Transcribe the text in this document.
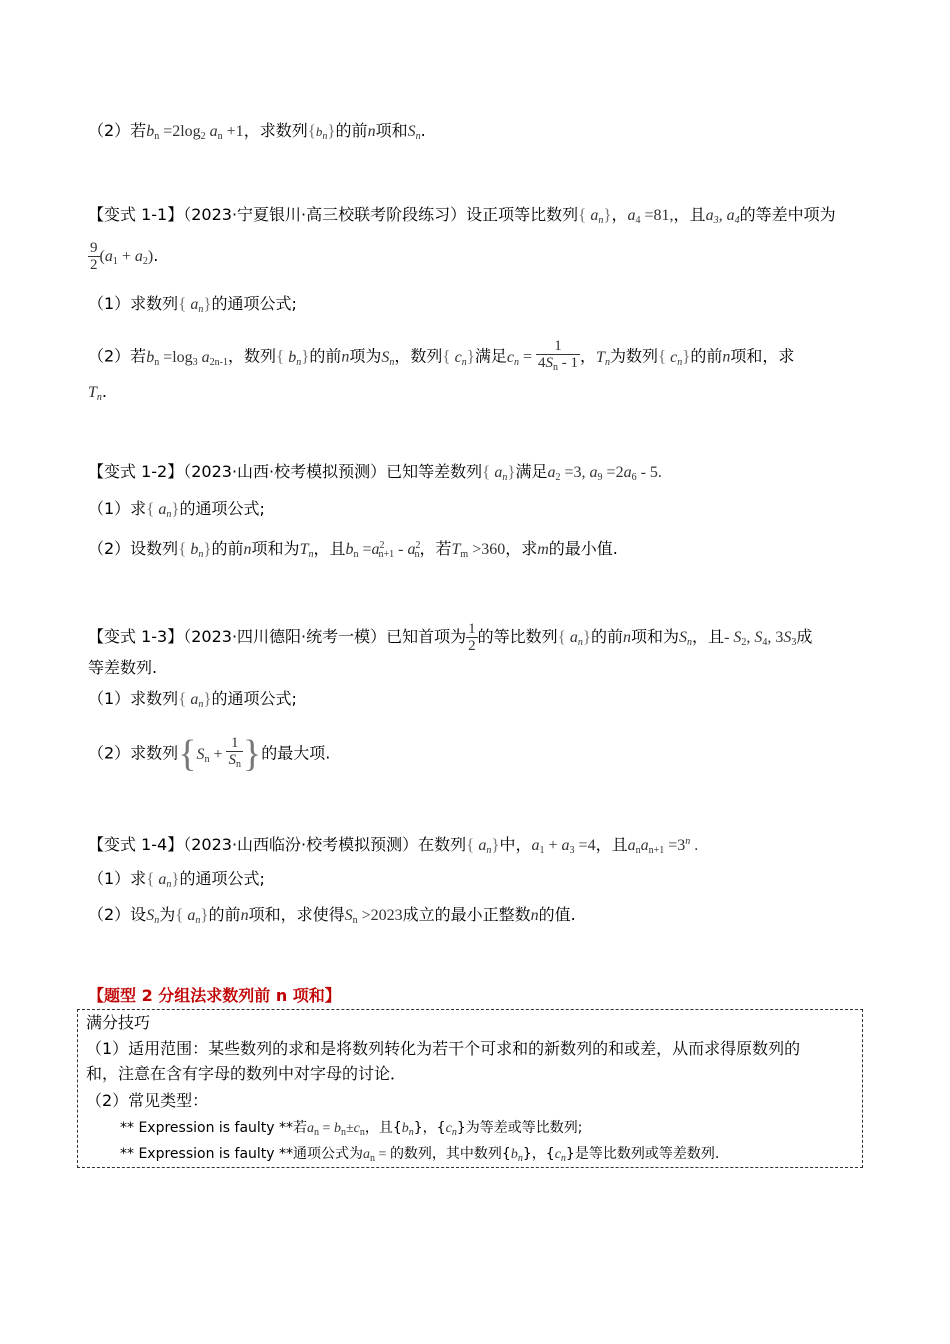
（2）若$b_n =2\log_2$ $a_n +1$，求数列$\{b_n\}$的前n项和$S_n$.
【变式 1-1】（2023·宁夏银川·高三校联考阶段练习）设正项等比数列{ $a_n$}，$a_4 =81$,，且$a_3$, $a_4$的等差中项为
$\frac{9}{2} (a_1 + a_2)$.
（1）求数列{ $a_n$}的通项公式;
（2）若$b_n =\log_3$ $a_{2n-1}$，数列{ $b_n$}的前n项为$S_n$，数列{ $c_n$}满足$c_n = \frac{1}{4S_n - 1}$ ，$T_n$为数列{ $c_n$}的前n项和，求
$T_n$.
【变式 1-2】（2023·山西·校考模拟预测）已知等差数列{ $a_n$}满足$a_2 =3$, $a_9 =2a_6 - 5$.
（1）求{ $a_n$}的通项公式;
（2）设数列{ $b_n$}的前n项和为$T_n$，且$b_n =a^2_{n+1} - a^2_n$，若$T_m >360$，求m的最小值.
【变式 1-3】（2023·四川德阳·统考一模）已知首项为 $\frac{1}{2}$ 的等比数列{ $a_n$}的前n项和为$S_n$，且- $S_2$, $S_4$, $3S_3$成
等差数列.
（1）求数列{ $a_n$}的通项公式;
（2）求数列{$S_n + \frac{1}{S_n}$ }的最大项.
【变式 1-4】（2023·山西临汾·校考模拟预测）在数列{ $a_n$}中，$a_1 + a_3 =4$，且$a_na_{n+1} =3^n$ .
（1）求{ $a_n$}的通项公式;
（2）设$S_n$为{ $a_n$}的前n项和，求使得$S_n >2023$成立的最小正整数n的值.
【题型 2 分组法求数列前 n 项和】
满分技巧
（1）适用范围：某些数列的求和是将数列转化为若干个可求和的新数列的和或差，从而求得原数列的
和，注意在含有字母的数列中对字母的讨论．
（2）常见类型：
** Expression is faulty **若$a_n = b_n\pm c_n$，且$\{b_n\}$，$\{c_n\}$为等差或等比数列;
** Expression is faulty **通项公式为$a_n$ = 的数列，其中数列$\{b_n\}$，$\{c_n\}$是等比数列或等差数列.
